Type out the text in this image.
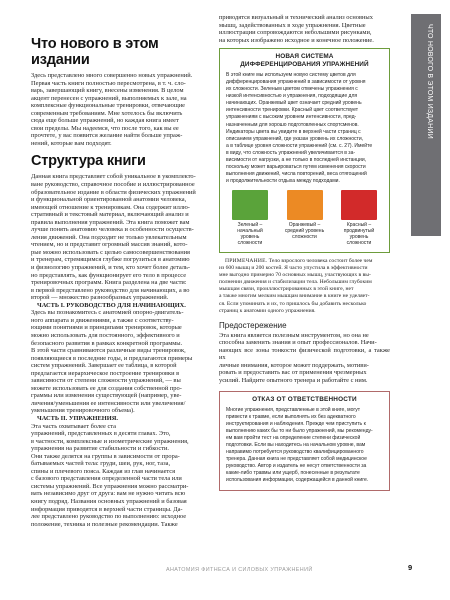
Что нового в этом издании

Здесь представлено много совершенно новых упражнений.
Первая часть книги полностью пересмотрена, в т. ч. сло-
варь, завершающий книгу, внесены изменения. В целом
акцент перенесен с упражнений, выполняемых к залe, на
комплексные функциональные тренировки, отвечающие
современным требованиям. Мне хотелось бы включить
сюда еще больше упражнений, но каждая книга имеет
свои пределы. Мы надеемся, что после того, как вы ее
прочтете, у вас появится желание найти больше упраж-
нений, которые вам подходят.

Структура книги

Данная книга представляет собой уникальное в укомплекто-
ване руководство, справочное пособие и иллюстрированное
образовательное издание в области физических упражнений
и функциональной ориентированной анатомии человека,
имеющей отношение к тренировкам. Она содержит иллю-
стративный и текстовый материал, включающий анализ и
правила выполнения упражнений. Эта книга поможет вам
лучше понять анатомию человека и особенности осуществ-
ления движений. Она подходит не только увлекательным
чтением, но и представит огромный массив знаний, кото-
рые можно использовать с целью самосовершенствования
и тренерам, стремящимся глубже погрузиться в анатомию
и физиологию упражнений, и тем, кто хочет более деталь-
но представлять, как функционирует его тело в процессе
тренировочных программ. Книга разделена на две части:
в первой представлено руководство для начинающих, а во
второй — множество разнообразных упражнений.

ЧАСТЬ I. РУКОВОДСТВО ДЛЯ НАЧИНАЮЩИХ.

Здесь вы познакомитесь с анатомией опорно-двигатель-
ного аппарата и движениями, а также с соответству-
ющими понятиями и принципами тренировок, которые
можно использовать для постоянного, эффективного и
безопасного развития в рамках конкретной программы.
В этой части сравниваются различные виды тренировок,
появляющиеся в последние годы, и предлагаются примеры
систем упражнений. Завершает ее таблица, в которой
предлагается иерархическое построение тренировки в
зависимости от степени сложности упражнений, — вы
можете использовать ее для создания собственной про-
граммы или изменения существующей (например, уве-
личения/уменьшения ее интенсивности или увеличения/
уменьшения тренировочного объема).

ЧАСТЬ II. УПРАЖНЕНИЯ.

Эта часть охватывает более ста
упражнений, представленных в десяти главах. Это,
в частности, комплексные и изометрические упражнения,
упражнения на развитие стабильности и гибкости.
Они также делятся на группы в зависимости от прора-
батываемых частей тела: груди, шеи, рук, ног, таза,
спины и плечевого пояса. Каждая из глав начинается
с базового представления определенной части тела или
системы упражнений. Все упражнения можно рассматри-
вать независимо друг от друга: вам не нужно читать всю
книгу подряд. Названия основных упражнений и базовая
информация приводятся в верхней части страницы. Да-
лее представлено руководство по выполнению: исходное
положение, техника и полезные рекомендации. Также

приводятся визуальный и технический анализ основных
мышц, задействованных в ходе упражнения. Цветные
иллюстрации сопровождаются небольшими рисунками,
на которых изображено исходное и конечное положение.

НОВАЯ СИСТЕМА
ДИФФЕРЕНЦИРОВАНИЯ УПРАЖНЕНИЙ
В этой книге мы используем новую систему цветов для
дифференцирования упражнений в зависимости от уровня
их сложности. Зеленым цветом отмечены упражнения с
низкой интенсивностью и упражнения, подходящие для
начинающих. Оранжевый цвет означает средний уровень
интенсивности тренировки. Красный цвет соответствует
упражнениям с высоким уровнем интенсивности, пред-
назначенным для хорошо подготовленных спортсменов.
Индикаторы цвета вы увидите в верхней части страниц с
описанием упражнений, где указан уровень их сложности,
а в таблице уровня сложности упражнений (см. с. 27). Имейте
в виду, что сложность упражнений увеличивается в за-
висимости от нагрузки, а не только в последней инстанции,
поскольку может варьироваться путем изменения скорости
выполнения движений, числа повторений, веса отягощений
и продолжительности отдыха между подходами.
Зеленый –
начальный уровень
сложности
Оранжевый –
средний уровень
сложности
Красный –
продвинутый
уровень сложности

ПРИМЕЧАНИЕ. Тело взрослого человека состоит более чем
из 600 мышц и 200 костей. Я часто упустила в эффективности
мне выгодно примерно 70 основных мышц, участвующих в вы-
полнении движения и стабилизации тела. Небольшим глубоким
мышцам связи, проиллюстрированных в этой книге, нет
а также многим мелким мышцам внимание в книге не уделяет-
ся. Если упоминать и их, то пришлось бы добавить несколько
страниц к анатомии одного упражнения.

Предостережение

Эта книга является полезным инструментом, но она не
способна заменить знания и опыт профессионалов. Начи-
нающих все зоны тонкости физической подготовки, а также их
личные внимания, которое может поддержать, мотиви-
ровать и предоставить вас от применения чрезмерных
усилий. Найдите опытного тренера и работайте с ним.

ОТКАЗ ОТ ОТВЕТСТВЕННОСТИ
Многие упражнения, представленные в этой книге, могут
привести к травме, если выполнять их без адекватного
инструктирования и наблюдения. Прежде чем приступить к
выполнению каких бы то ни было упражнений, мы рекоменду-
ем вам пройти тест на определение степени физической
подготовки. Если вы находитесь на начальном уровне, вам
направимо потребуется руководство квалифицированного
тренера. Данная книга не представляет собой медицинское
руководство. Автор и издатель не несут ответственности за
какие-либо травмы или ущерб, понесенные в результате
использования информации, содержащейся в данной книге.
ЧТО НОВОГО В ЭТОМ ИЗДАНИИ
АНАТОМИЯ ФИТНЕСА И СИЛОВЫХ УПРАЖНЕНИЙ	9
